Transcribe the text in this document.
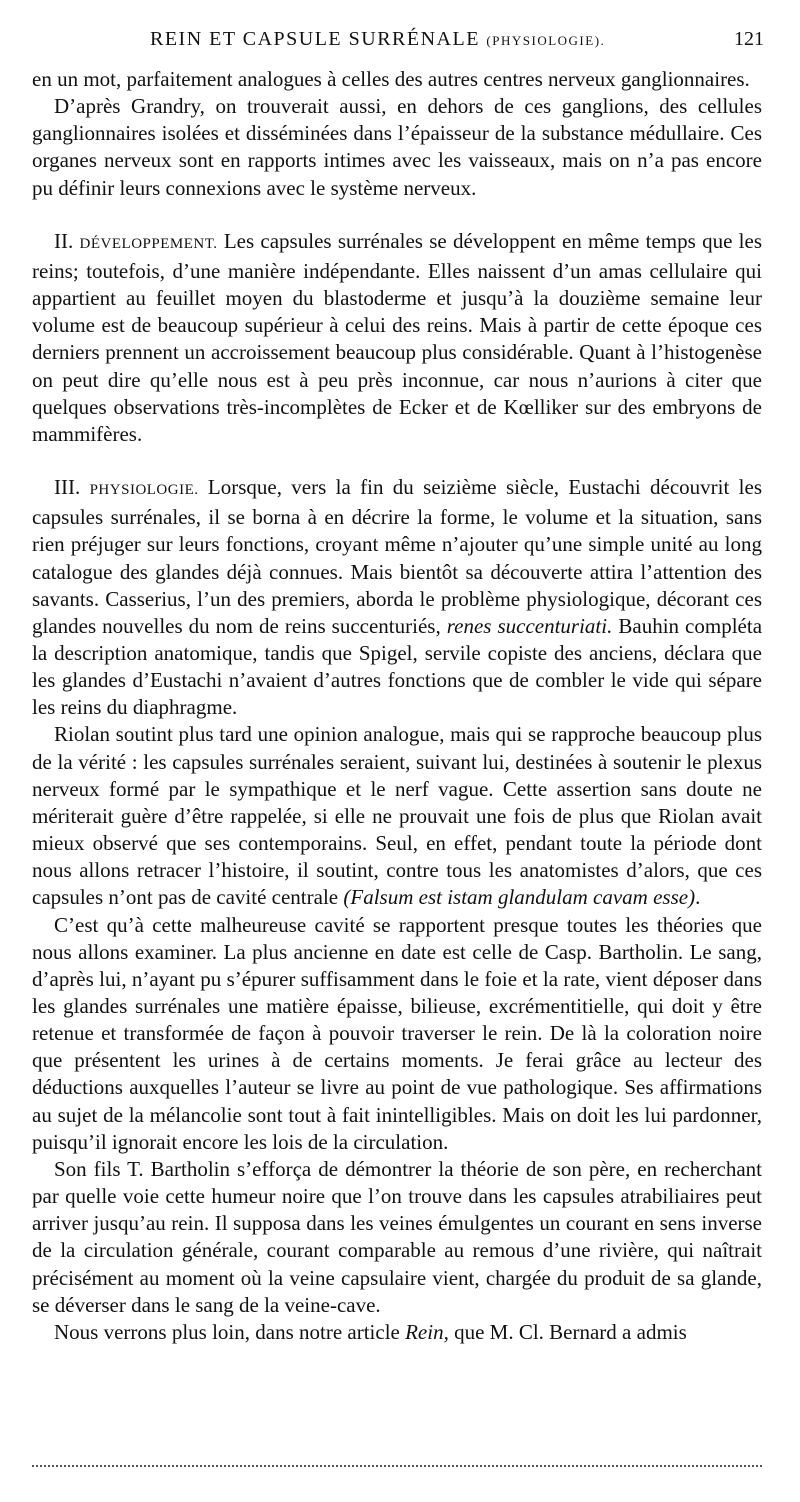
REIN ET CAPSULE SURRÉNALE (PHYSIOLOGIE).	121

en un mot, parfaitement analogues à celles des autres centres nerveux ganglionnaires.

D’après Grandry, on trouverait aussi, en dehors de ces ganglions, des cellules ganglionnaires isolées et disséminées dans l’épaisseur de la substance médullaire. Ces organes nerveux sont en rapports intimes avec les vaisseaux, mais on n’a pas encore pu définir leurs connexions avec le système nerveux.

II. DÉVELOPPEMENT. Les capsules surrénales se développent en même temps que les reins; toutefois, d’une manière indépendante. Elles naissent d’un amas cellulaire qui appartient au feuillet moyen du blastoderme et jusqu’à la douzième semaine leur volume est de beaucoup supérieur à celui des reins. Mais à partir de cette époque ces derniers prennent un accroissement beaucoup plus considérable. Quant à l’histogenèse on peut dire qu’elle nous est à peu près inconnue, car nous n’aurions à citer que quelques observations très-incomplètes de Ecker et de Kœlliker sur des embryons de mammifères.

III. PHYSIOLOGIE. Lorsque, vers la fin du seizième siècle, Eustachi découvrit les capsules surrénales, il se borna à en décrire la forme, le volume et la situation, sans rien préjuger sur leurs fonctions, croyant même n’ajouter qu’une simple unité au long catalogue des glandes déjà connues. Mais bientôt sa découverte attira l’attention des savants. Casserius, l’un des premiers, aborda le problème physiologique, décorant ces glandes nouvelles du nom de reins succenturiés, renes succenturiati. Bauhin compléta la description anatomique, tandis que Spigel, servile copiste des anciens, déclara que les glandes d’Eustachi n’avaient d’autres fonctions que de combler le vide qui sépare les reins du diaphragme.

Riolan soutint plus tard une opinion analogue, mais qui se rapproche beaucoup plus de la vérité : les capsules surrénales seraient, suivant lui, destinées à soutenir le plexus nerveux formé par le sympathique et le nerf vague. Cette assertion sans doute ne mériterait guère d’être rappelée, si elle ne prouvait une fois de plus que Riolan avait mieux observé que ses contemporains. Seul, en effet, pendant toute la période dont nous allons retracer l’histoire, il soutint, contre tous les anatomistes d’alors, que ces capsules n’ont pas de cavité centrale (Falsum est istam glandulam cavam esse).

C’est qu’à cette malheureuse cavité se rapportent presque toutes les théories que nous allons examiner. La plus ancienne en date est celle de Casp. Bartholin. Le sang, d’après lui, n’ayant pu s’épurer suffisamment dans le foie et la rate, vient déposer dans les glandes surrénales une matière épaisse, bilieuse, excrémentitielle, qui doit y être retenue et transformée de façon à pouvoir traverser le rein. De là la coloration noire que présentent les urines à de certains moments. Je ferai grâce au lecteur des déductions auxquelles l’auteur se livre au point de vue pathologique. Ses affirmations au sujet de la mélancolie sont tout à fait inintelligibles. Mais on doit les lui pardonner, puisqu’il ignorait encore les lois de la circulation.

Son fils T. Bartholin s’efforça de démontrer la théorie de son père, en recherchant par quelle voie cette humeur noire que l’on trouve dans les capsules atrabiliaires peut arriver jusqu’au rein. Il supposa dans les veines émulgentes un courant en sens inverse de la circulation générale, courant comparable au remous d’une rivière, qui naîtrait précisément au moment où la veine capsulaire vient, chargée du produit de sa glande, se déverser dans le sang de la veine-cave.

Nous verrons plus loin, dans notre article Rein, que M. Cl. Bernard a admis
